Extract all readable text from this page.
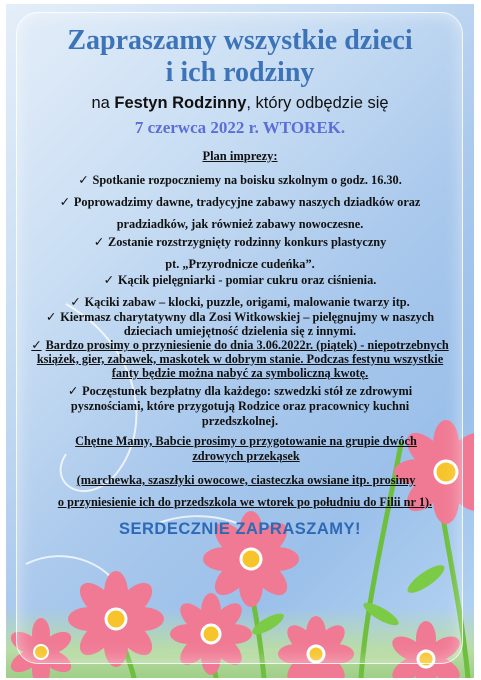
Zapraszamy wszystkie dzieci
i ich rodziny
na Festyn Rodzinny, który odbędzie się
7 czerwca 2022 r. WTOREK.
Plan imprezy:
✓ Spotkanie rozpoczniemy na boisku szkolnym o godz. 16.30.
✓ Poprowadzimy dawne, tradycyjne zabawy naszych dziadków oraz
pradziadków, jak również zabawy nowoczesne.
✓ Zostanie rozstrzygnięty rodzinny konkurs plastyczny
pt. „Przyrodnicze cudeńka”.
✓ Kącik pielęgniarki - pomiar cukru oraz ciśnienia.
✓ Kąciki zabaw – klocki, puzzle, origami, malowanie twarzy itp.
✓ Kiermasz charytatywny dla Zosi Witkowskiej – pielęgnujmy w naszych
dzieciach umiejętność dzielenia się z innymi.
✓ Bardzo prosimy o przyniesienie do dnia 3.06.2022r. (piątek) - niepotrzebnych
książek, gier, zabawek, maskotek w dobrym stanie. Podczas festynu wszystkie
fanty będzie można nabyć za symboliczną kwotę.
✓ Poczęstunek bezpłatny dla każdego: szwedzki stół ze zdrowymi
pysznościami, które przygotują Rodzice oraz pracownicy kuchni
przedszkolnej.
Chętne Mamy, Babcie prosimy o przygotowanie na grupie dwóch
zdrowych przekąsek
(marchewka, szaszłyki owocowe, ciasteczka owsiane itp. prosimy
o przyniesienie ich do przedszkola we wtorek po południu do Filii nr 1).
SERDECZNIE ZAPRASZAMY!
